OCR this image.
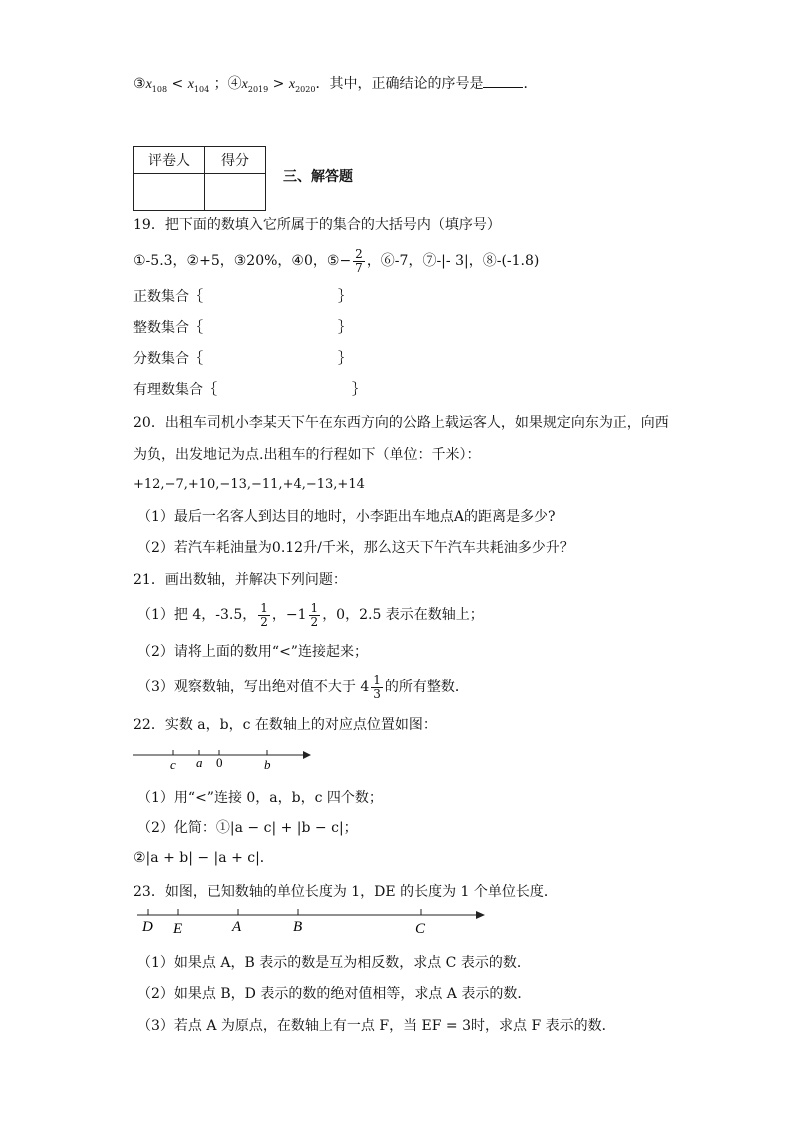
$③x_{108} < x_{104}$ ；$④x_{2019} > x_{2020}$．其中，正确结论的序号是	．
评卷人	得分

三、解答题
19．把下面的数填入它所属于的集合的大括号内（填序号）
①-5.3，②+5，③20%，④0，⑤− $\frac{2}{7}$ ，⑥-7，⑦-|- 3|，⑧-(-1.8)
正数集合｛	｝
整数集合｛	｝
分数集合｛	｝
有理数集合｛	｝
20．出租车司机小李某天下午在东西方向的公路上载运客人，如果规定向东为正，向西
为负，出发地记为点.出租车的行程如下（单位：千米）：
+12,−7,+10,−13,−11,+4,−13,+14
（1）最后一名客人到达目的地时，小李距出车地点A的距离是多少?
（2）若汽车耗油量为0.12升/千米，那么这天下午汽车共耗油多少升？
21．画出数轴，并解决下列问题：
（1）把 4，-3.5， $\frac{1}{2}$ ，$-1 \frac{1}{2}$ ，0，2.5 表示在数轴上；
（2）请将上面的数用“<”连接起来；
（3）观察数轴，写出绝对值不大于 $4 \frac{1}{3}$ 的所有整数．
22．实数 a，b，c 在数轴上的对应点位置如图：
c a 0	b
（1）用“<”连接 0，a，b，c 四个数；
（2）化简：①|a − c| + |b − c|；
②|a + b| − |a + c|．
23．如图，已知数轴的单位长度为 1，DE 的长度为 1 个单位长度．
D E	A	B	C
（1）如果点 A，B 表示的数是互为相反数，求点 C 表示的数．
（2）如果点 B，D 表示的数的绝对值相等，求点 A 表示的数．
（3）若点 A 为原点，在数轴上有一点 F，当 EF = 3时，求点 F 表示的数．
